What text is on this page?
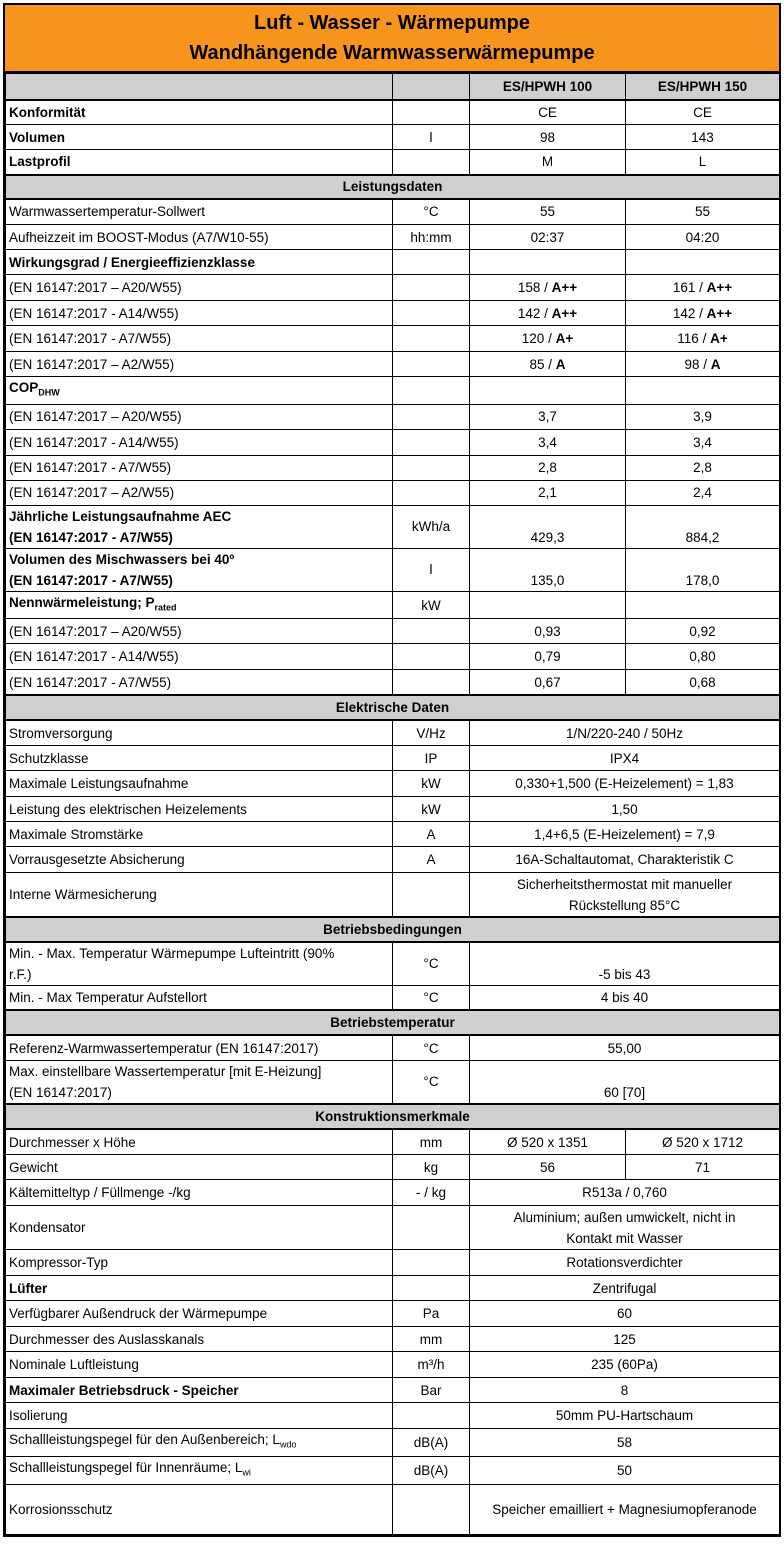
Luft - Wasser - Wärmepumpe
Wandhängende Warmwasserwärmepumpe
		ES/HPWH 100	ES/HPWH 150
Konformität		CE	CE
Volumen	l	98	143
Lastprofil		M	L
Leistungsdaten			
Warmwassertemperatur-Sollwert	°C	55	55
Aufheizzeit im BOOST-Modus (A7/W10-55)	hh:mm	02:37	04:20
Wirkungsgrad / Energieeffizienzklasse			
(EN 16147:2017 – A20/W55)		158 / A++	161 / A++
(EN 16147:2017 - A14/W55)		142 / A++	142 / A++
(EN 16147:2017 - A7/W55)		120 / A+	116 / A+
(EN 16147:2017 – A2/W55)		85 / A	98 / A
$COP_{DHW}$			
(EN 16147:2017 – A20/W55)		3,7	3,9
(EN 16147:2017 - A14/W55)		3,4	3,4
(EN 16147:2017 - A7/W55)		2,8	2,8
(EN 16147:2017 – A2/W55)		2,1	2,4

Jährliche Leistungsaufnahme AEC
(EN 16147:2017 - A7/W55)	kWh/a	429,3	884,2

Volumen des Mischwassers bei 40º
(EN 16147:2017 - A7/W55)	l	135,0	178,0
Nennwärmeleistung; $P_{rated}$	kW		
(EN 16147:2017 – A20/W55)		0,93	0,92
(EN 16147:2017 - A14/W55)		0,79	0,80
(EN 16147:2017 - A7/W55)		0,67	0,68
Elektrische Daten			
Stromversorgung	V/Hz	1/N/220-240 / 50Hz	
Schutzklasse	IP	IPX4	
Maximale Leistungsaufnahme	kW	0,330+1,500 (E-Heizelement) = 1,83	
Leistung des elektrischen Heizelements	kW	1,50	
Maximale Stromstärke	A	1,4+6,5 (E-Heizelement) = 7,9	
Vorrausgesetzte Absicherung	A	16A-Schaltautomat, Charakteristik C	
Interne Wärmesicherung		Sicherheitsthermostat mit manueller
Rückstellung 85°C	

Betriebsbedingungen			

Min. - Max. Temperatur Wärmepumpe Lufteintritt (90%
r.F.)	°C	-5 bis 43	
Min. - Max Temperatur Aufstellort	°C	4 bis 40	
Betriebstemperatur			
Referenz-Warmwassertemperatur (EN 16147:2017)	°C	55,00	

Max. einstellbare Wassertemperatur [mit E-Heizung]
(EN 16147:2017)	°C	60 [70]	
Konstruktionsmerkmale			
Durchmesser x Höhe	mm	Ø 520 x 1351	Ø 520 x 1712
Gewicht	kg	56	71
Kältemitteltyp / Füllmenge -/kg	- / kg	R513a / 0,760	
Kondensator		Aluminium; außen umwickelt, nicht in
Kontakt mit Wasser	

Kompressor-Typ		Rotationsverdichter	
Lüfter		Zentrifugal	
Verfügbarer Außendruck der Wärmepumpe	Pa	60	
Durchmesser des Auslasskanals	mm	125	
Nominale Luftleistung	m³/h	235 (60Pa)	
Maximaler Betriebsdruck - Speicher	Bar	8	
Isolierung		50mm PU-Hartschaum	
Schallleistungspegel für den Außenbereich; $L_{wdo}$	dB(A)	58	
Schallleistungspegel für Innenräume; $L_{wi}$	dB(A)	50	
Korrosionsschutz		Speicher emailliert + Magnesiumopferanode	
